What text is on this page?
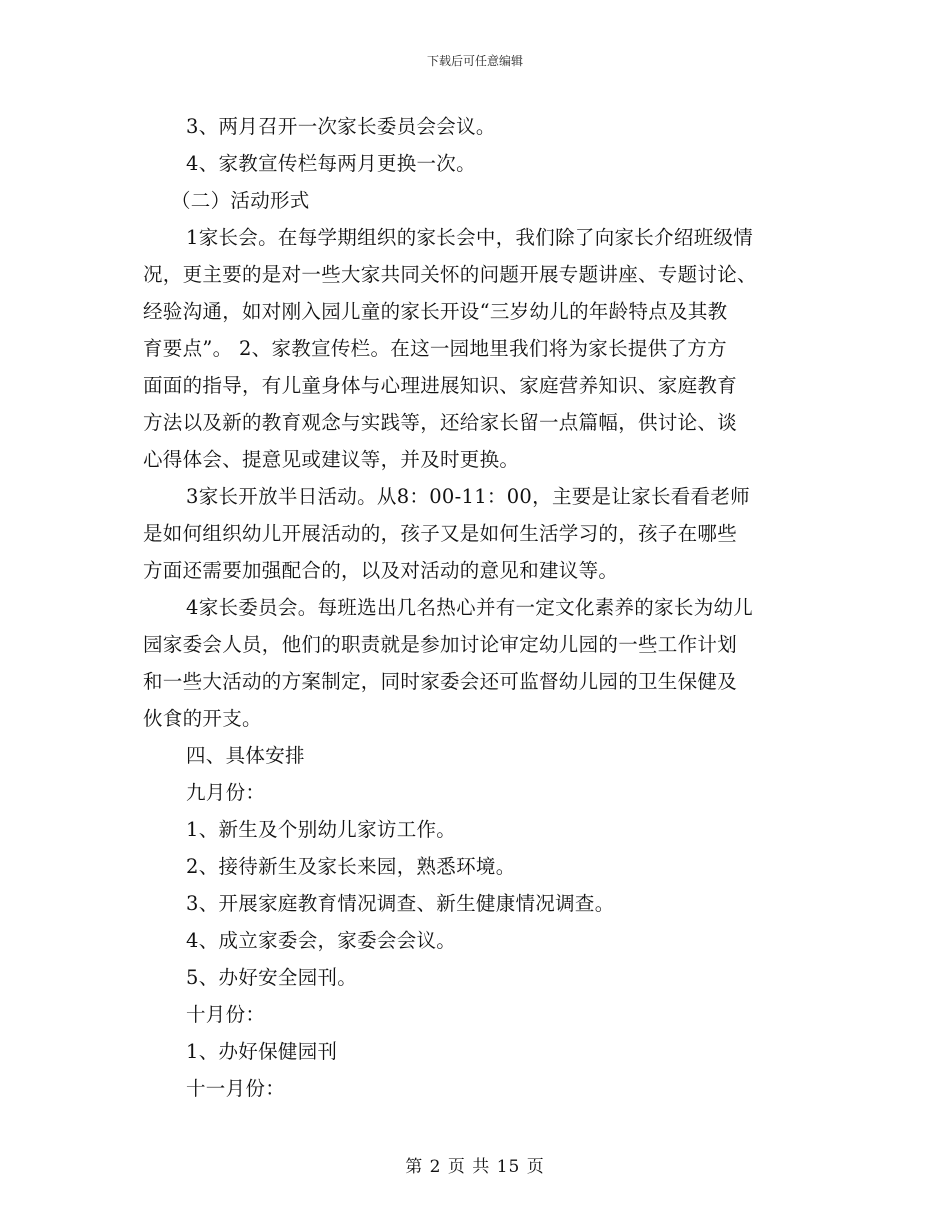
下载后可任意编辑
3、两月召开一次家长委员会会议。
4、家教宣传栏每两月更换一次。
（二）活动形式
1家长会。在每学期组织的家长会中，我们除了向家长介绍班级情
况，更主要的是对一些大家共同关怀的问题开展专题讲座、专题讨论、
经验沟通，如对刚入园儿童的家长开设“三岁幼儿的年龄特点及其教
育要点”。 2、家教宣传栏。在这一园地里我们将为家长提供了方方
面面的指导，有儿童身体与心理进展知识、家庭营养知识、家庭教育
方法以及新的教育观念与实践等，还给家长留一点篇幅，供讨论、谈
心得体会、提意见或建议等，并及时更换。
3家长开放半日活动。从8：00-11：00，主要是让家长看看老师
是如何组织幼儿开展活动的，孩子又是如何生活学习的，孩子在哪些
方面还需要加强配合的，以及对活动的意见和建议等。
4家长委员会。每班选出几名热心并有一定文化素养的家长为幼儿
园家委会人员，他们的职责就是参加讨论审定幼儿园的一些工作计划
和一些大活动的方案制定，同时家委会还可监督幼儿园的卫生保健及
伙食的开支。
四、具体安排
九月份：
1、新生及个别幼儿家访工作。
2、接待新生及家长来园，熟悉环境。
3、开展家庭教育情况调查、新生健康情况调查。
4、成立家委会，家委会会议。
5、办好安全园刊。
十月份：
1、办好保健园刊
十一月份：
第 2 页 共 15 页
